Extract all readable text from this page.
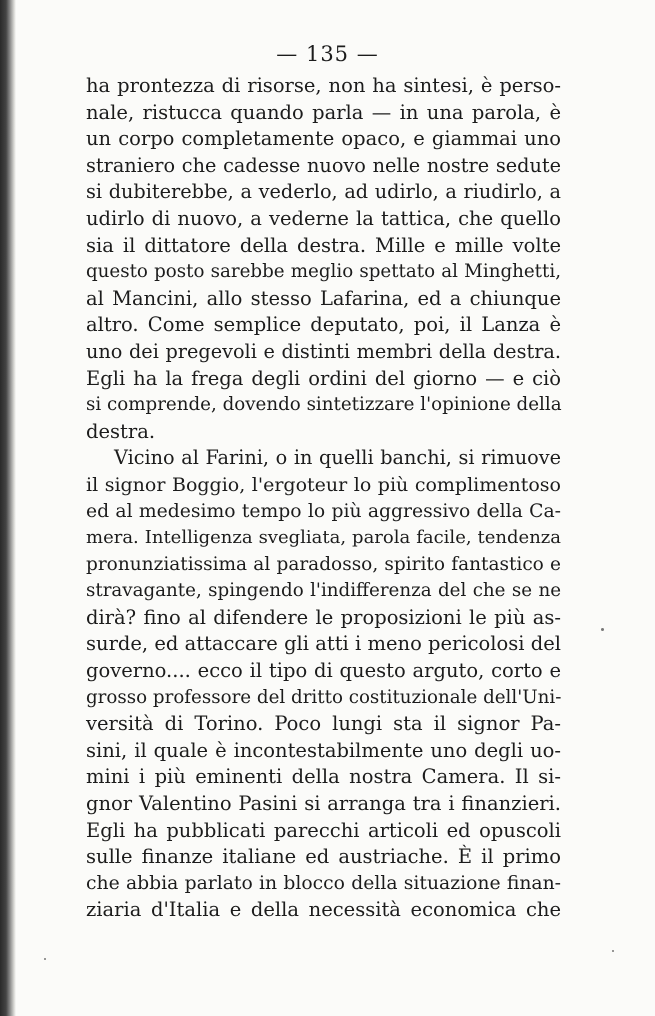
— 135 —
ha prontezza di risorse, non ha sintesi, è perso-
nale, ristucca quando parla — in una parola, è
un corpo completamente opaco, e giammai uno
straniero che cadesse nuovo nelle nostre sedute
si dubiterebbe, a vederlo, ad udirlo, a riudirlo, a
udirlo di nuovo, a vederne la tattica, che quello
sia il dittatore della destra. Mille e mille volte
questo posto sarebbe meglio spettato al Minghetti,
al Mancini, allo stesso Lafarina, ed a chiunque
altro. Come semplice deputato, poi, il Lanza è
uno dei pregevoli e distinti membri della destra.
Egli ha la frega degli ordini del giorno — e ciò
si comprende, dovendo sintetizzare l'opinione della
destra.
Vicino al Farini, o in quelli banchi, si rimuove
il signor Boggio, l'ergoteur lo più complimentoso
ed al medesimo tempo lo più aggressivo della Ca-
mera. Intelligenza svegliata, parola facile, tendenza
pronunziatissima al paradosso, spirito fantastico e
stravagante, spingendo l'indifferenza del che se ne
dirà? fino al difendere le proposizioni le più as-
surde, ed attaccare gli atti i meno pericolosi del
governo.... ecco il tipo di questo arguto, corto e
grosso professore del dritto costituzionale dell'Uni-
versità di Torino. Poco lungi sta il signor Pa-
sini, il quale è incontestabilmente uno degli uo-
mini i più eminenti della nostra Camera. Il si-
gnor Valentino Pasini si arranga tra i finanzieri.
Egli ha pubblicati parecchi articoli ed opuscoli
sulle finanze italiane ed austriache. È il primo
che abbia parlato in blocco della situazione finan-
ziaria d'Italia e della necessità economica che
